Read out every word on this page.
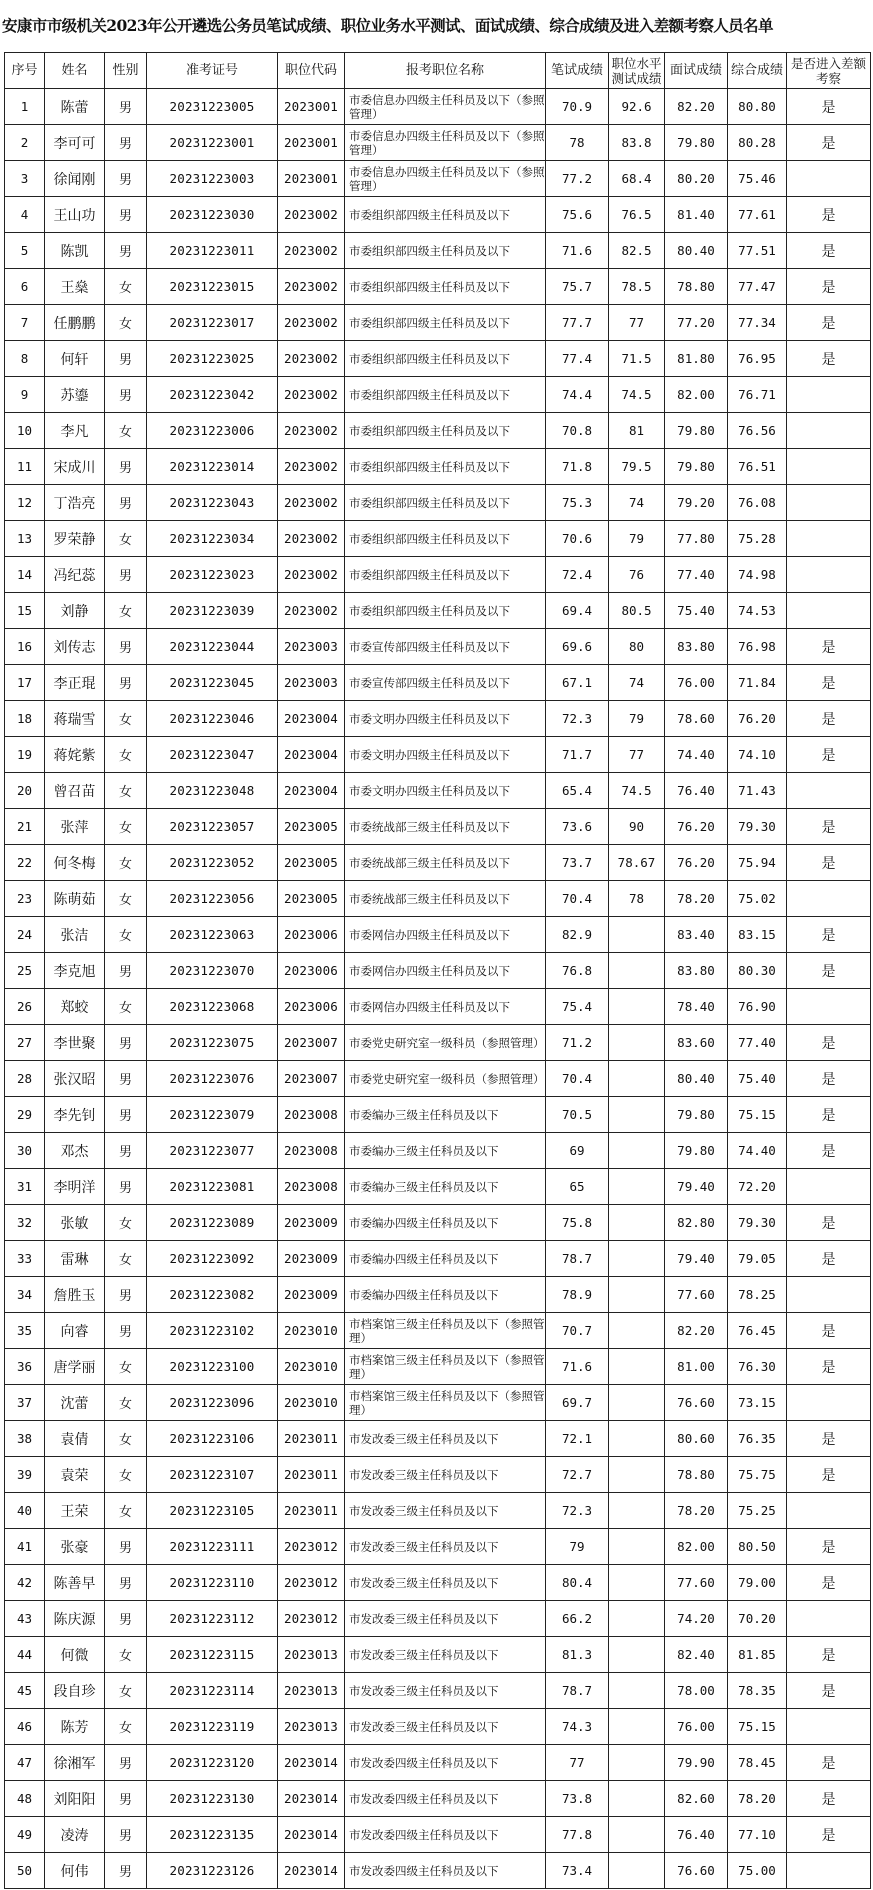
安康市市级机关2023年公开遴选公务员笔试成绩、职位业务水平测试、面试成绩、综合成绩及进入差额考察人员名单
序号	姓名	性别	准考证号	职位代码	报考职位名称	笔试成绩	职位水平测试成绩	面试成绩	综合成绩	是否进入差额考察
1	陈蕾	男	20231223005	2023001	市委信息办四级主任科员及以下（参照管理）	70.9	92.6	82.20	80.80	是
2	李可可	男	20231223001	2023001	市委信息办四级主任科员及以下（参照管理）	78	83.8	79.80	80.28	是
3	徐闻刚	男	20231223003	2023001	市委信息办四级主任科员及以下（参照管理）	77.2	68.4	80.20	75.46	
4	王山功	男	20231223030	2023002	市委组织部四级主任科员及以下	75.6	76.5	81.40	77.61	是
5	陈凯	男	20231223011	2023002	市委组织部四级主任科员及以下	71.6	82.5	80.40	77.51	是
6	王燊	女	20231223015	2023002	市委组织部四级主任科员及以下	75.7	78.5	78.80	77.47	是
7	任鹏鹏	女	20231223017	2023002	市委组织部四级主任科员及以下	77.7	77	77.20	77.34	是
8	何轩	男	20231223025	2023002	市委组织部四级主任科员及以下	77.4	71.5	81.80	76.95	是
9	苏鎏	男	20231223042	2023002	市委组织部四级主任科员及以下	74.4	74.5	82.00	76.71	
10	李凡	女	20231223006	2023002	市委组织部四级主任科员及以下	70.8	81	79.80	76.56	
11	宋成川	男	20231223014	2023002	市委组织部四级主任科员及以下	71.8	79.5	79.80	76.51	
12	丁浩亮	男	20231223043	2023002	市委组织部四级主任科员及以下	75.3	74	79.20	76.08	
13	罗荣静	女	20231223034	2023002	市委组织部四级主任科员及以下	70.6	79	77.80	75.28	
14	冯纪蕊	男	20231223023	2023002	市委组织部四级主任科员及以下	72.4	76	77.40	74.98	
15	刘静	女	20231223039	2023002	市委组织部四级主任科员及以下	69.4	80.5	75.40	74.53	
16	刘传志	男	20231223044	2023003	市委宣传部四级主任科员及以下	69.6	80	83.80	76.98	是
17	李正琨	男	20231223045	2023003	市委宣传部四级主任科员及以下	67.1	74	76.00	71.84	是
18	蒋瑞雪	女	20231223046	2023004	市委文明办四级主任科员及以下	72.3	79	78.60	76.20	是
19	蒋姹紫	女	20231223047	2023004	市委文明办四级主任科员及以下	71.7	77	74.40	74.10	是
20	曾召苗	女	20231223048	2023004	市委文明办四级主任科员及以下	65.4	74.5	76.40	71.43	
21	张萍	女	20231223057	2023005	市委统战部三级主任科员及以下	73.6	90	76.20	79.30	是
22	何冬梅	女	20231223052	2023005	市委统战部三级主任科员及以下	73.7	78.67	76.20	75.94	是
23	陈萌茹	女	20231223056	2023005	市委统战部三级主任科员及以下	70.4	78	78.20	75.02	
24	张洁	女	20231223063	2023006	市委网信办四级主任科员及以下	82.9		83.40	83.15	是
25	李克旭	男	20231223070	2023006	市委网信办四级主任科员及以下	76.8		83.80	80.30	是
26	郑蛟	女	20231223068	2023006	市委网信办四级主任科员及以下	75.4		78.40	76.90	
27	李世聚	男	20231223075	2023007	市委党史研究室一级科员（参照管理）	71.2		83.60	77.40	是
28	张汉昭	男	20231223076	2023007	市委党史研究室一级科员（参照管理）	70.4		80.40	75.40	是
29	李先钊	男	20231223079	2023008	市委编办三级主任科员及以下	70.5		79.80	75.15	是
30	邓杰	男	20231223077	2023008	市委编办三级主任科员及以下	69		79.80	74.40	是
31	李明洋	男	20231223081	2023008	市委编办三级主任科员及以下	65		79.40	72.20	
32	张敏	女	20231223089	2023009	市委编办四级主任科员及以下	75.8		82.80	79.30	是
33	雷琳	女	20231223092	2023009	市委编办四级主任科员及以下	78.7		79.40	79.05	是
34	詹胜玉	男	20231223082	2023009	市委编办四级主任科员及以下	78.9		77.60	78.25	
35	向睿	男	20231223102	2023010	市档案馆三级主任科员及以下（参照管理）	70.7		82.20	76.45	是
36	唐学丽	女	20231223100	2023010	市档案馆三级主任科员及以下（参照管理）	71.6		81.00	76.30	是
37	沈蕾	女	20231223096	2023010	市档案馆三级主任科员及以下（参照管理）	69.7		76.60	73.15	
38	袁倩	女	20231223106	2023011	市发改委三级主任科员及以下	72.1		80.60	76.35	是
39	袁荣	女	20231223107	2023011	市发改委三级主任科员及以下	72.7		78.80	75.75	是
40	王荣	女	20231223105	2023011	市发改委三级主任科员及以下	72.3		78.20	75.25	
41	张豪	男	20231223111	2023012	市发改委三级主任科员及以下	79		82.00	80.50	是
42	陈善早	男	20231223110	2023012	市发改委三级主任科员及以下	80.4		77.60	79.00	是
43	陈庆源	男	20231223112	2023012	市发改委三级主任科员及以下	66.2		74.20	70.20	
44	何微	女	20231223115	2023013	市发改委三级主任科员及以下	81.3		82.40	81.85	是
45	段自珍	女	20231223114	2023013	市发改委三级主任科员及以下	78.7		78.00	78.35	是
46	陈芳	女	20231223119	2023013	市发改委三级主任科员及以下	74.3		76.00	75.15	
47	徐湘军	男	20231223120	2023014	市发改委四级主任科员及以下	77		79.90	78.45	是
48	刘阳阳	男	20231223130	2023014	市发改委四级主任科员及以下	73.8		82.60	78.20	是
49	凌涛	男	20231223135	2023014	市发改委四级主任科员及以下	77.8		76.40	77.10	是
50	何伟	男	20231223126	2023014	市发改委四级主任科员及以下	73.4		76.60	75.00	
